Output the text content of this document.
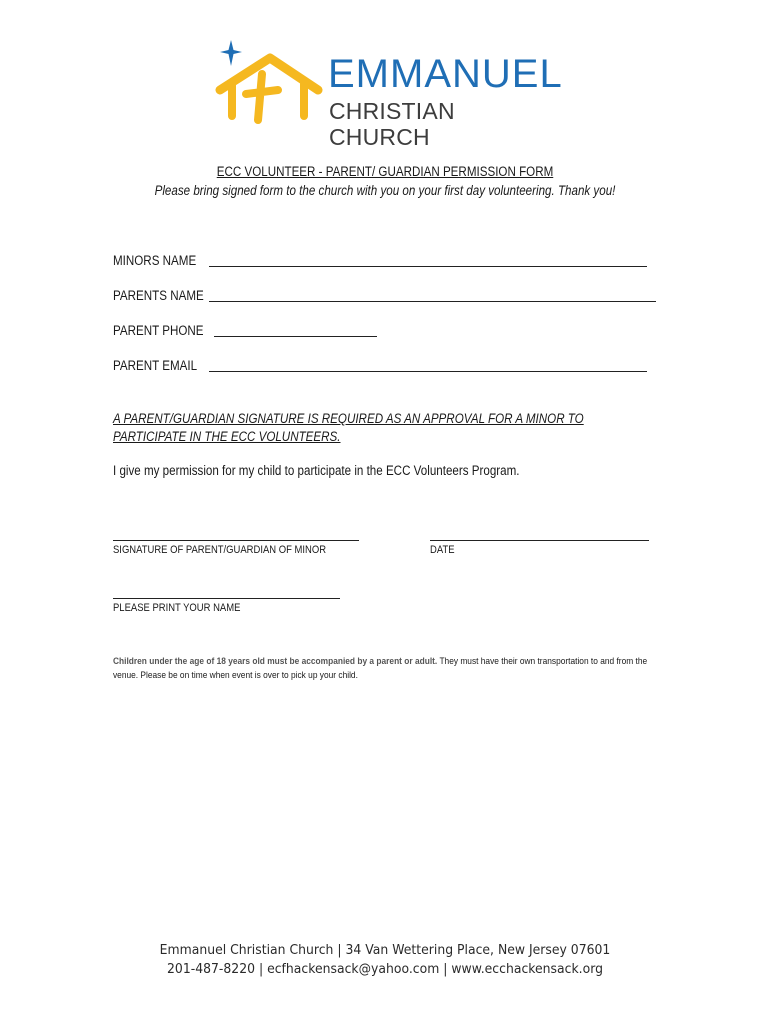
EMMANUEL
CHRISTIAN CHURCH
ECC VOLUNTEER - PARENT/ GUARDIAN PERMISSION FORM
Please bring signed form to the church with you on your first day volunteering. Thank you!
MINORS NAME
PARENTS NAME
PARENT PHONE
PARENT EMAIL
A PARENT/GUARDIAN SIGNATURE IS REQUIRED AS AN APPROVAL FOR A MINOR TO PARTICIPATE IN THE ECC VOLUNTEERS.
I give my permission for my child to participate in the ECC Volunteers Program.
SIGNATURE OF PARENT/GUARDIAN OF MINOR	DATE
PLEASE PRINT YOUR NAME
Children under the age of 18 years old must be accompanied by a parent or adult. They must have their own transportation to and from the venue. Please be on time when event is over to pick up your child.
Emmanuel Christian Church | 34 Van Wettering Place, New Jersey 07601
201-487-8220 | ecfhackensack@yahoo.com | www.ecchackensack.org
